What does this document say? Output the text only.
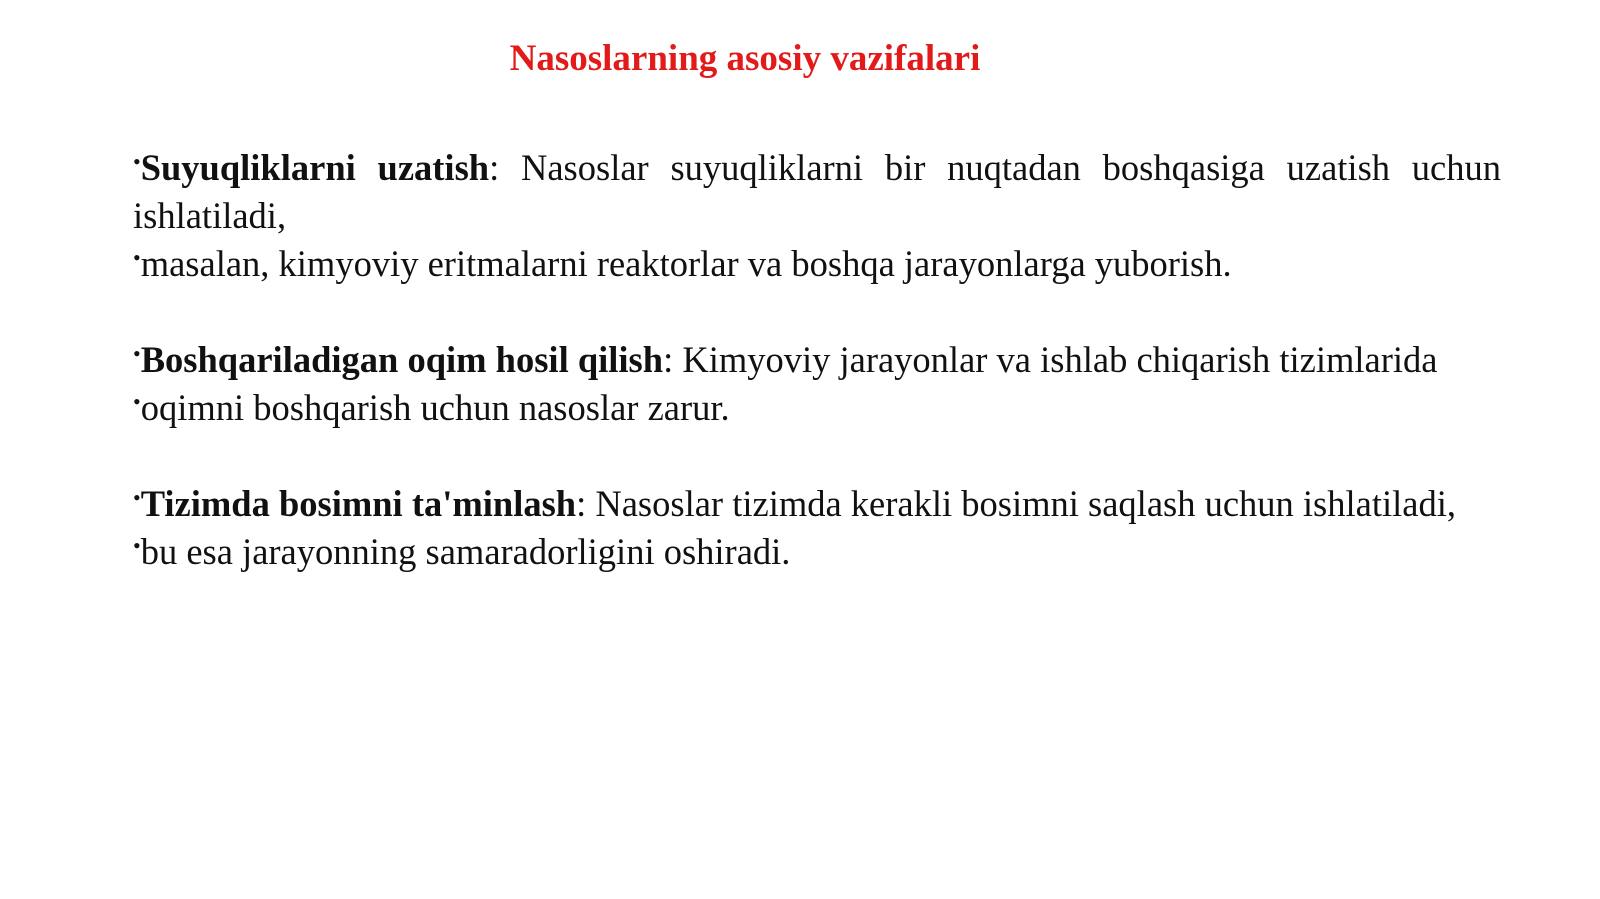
Nasoslarning asosiy vazifalari

•Suyuqliklarni uzatish: Nasoslar suyuqliklarni bir nuqtadan boshqasiga uzatish uchun ishlatiladi,

•masalan, kimyoviy eritmalarni reaktorlar va boshqa jarayonlarga yuborish.

•Boshqariladigan oqim hosil qilish: Kimyoviy jarayonlar va ishlab chiqarish tizimlarida

•oqimni boshqarish uchun nasoslar zarur.

•Tizimda bosimni ta'minlash: Nasoslar tizimda kerakli bosimni saqlash uchun ishlatiladi,

•bu esa jarayonning samaradorligini oshiradi.
